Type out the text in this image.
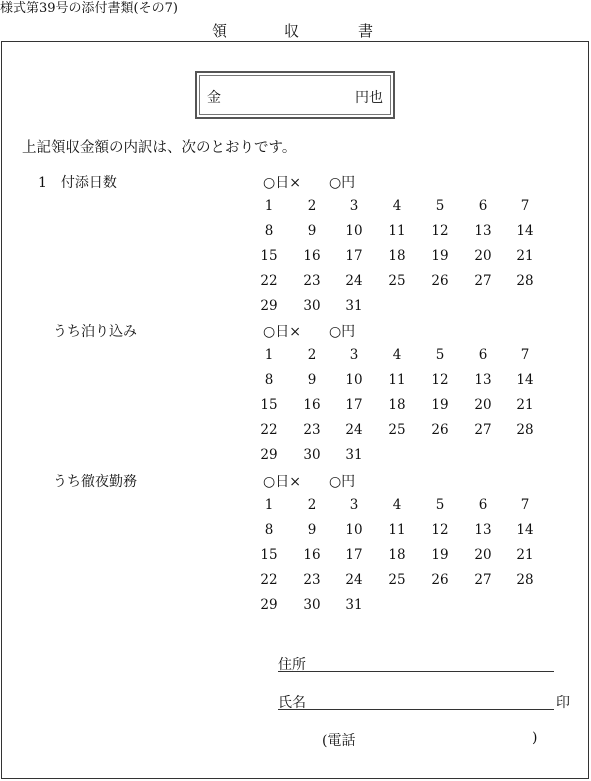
様式第39号の添付書類(その7)
領	収	書
金	円也
上記領収金額の内訳は、次のとおりです。
1　付添日数	○日×　　○円
1	2	3	4	5	6	7
8	9	10	11	12	13	14
15	16	17	18	19	20	21
22	23	24	25	26	27	28
29	30	31
うち泊り込み	○日×　　○円
1	2	3	4	5	6	7
8	9	10	11	12	13	14
15	16	17	18	19	20	21
22	23	24	25	26	27	28
29	30	31
うち徹夜勤務	○日×　　○円
1	2	3	4	5	6	7
8	9	10	11	12	13	14
15	16	17	18	19	20	21
22	23	24	25	26	27	28
29	30	31
住所
氏名	印
(電話	)
